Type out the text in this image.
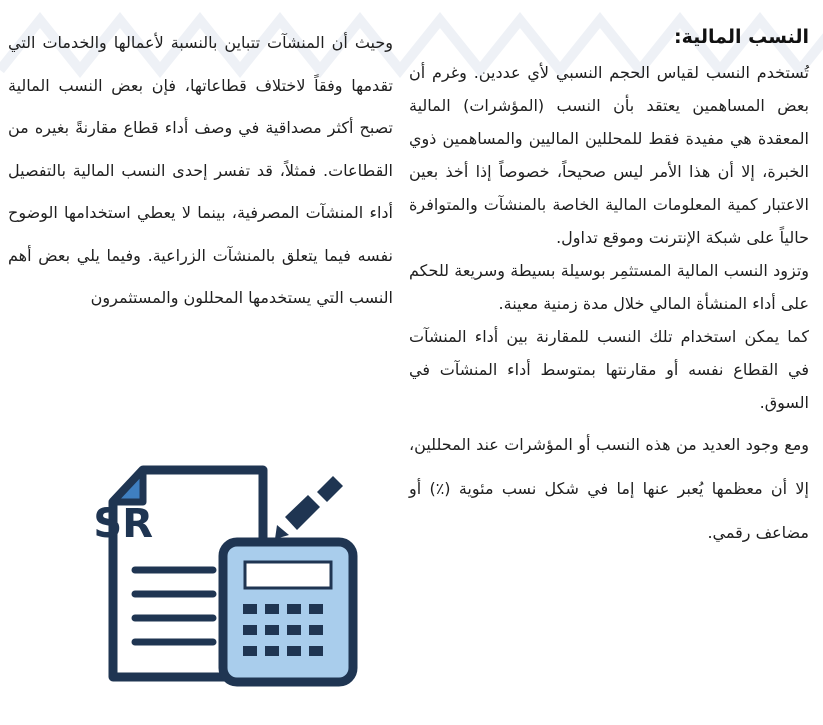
النسب المالية:

تُستخدم النسب لقياس الحجم النسبي لأي عددين. وغرم أن بعض المساهمين يعتقد بأن النسب (المؤشرات) المالية المعقدة هي مفيدة فقط للمحللين الماليين والمساهمين ذوي الخبرة، إلا أن هذا الأمر ليس صحيحاً، خصوصاً إذا أخذ بعين الاعتبار كمية المعلومات المالية الخاصة بالمنشآت والمتوافرة حالياً على شبكة الإنترنت وموقع تداول.

وتزود النسب المالية المستثمِر بوسيلة بسيطة وسريعة للحكم على أداء المنشأة المالي خلال مدة زمنية معينة.

كما يمكن استخدام تلك النسب للمقارنة بين أداء المنشآت في القطاع نفسه أو مقارنتها بمتوسط أداء المنشآت في السوق.

ومع وجود العديد من هذه النسب أو المؤشرات عند المحللين، إلا أن معظمها يُعبر عنها إما في شكل نسب مئوية (٪) أو مضاعف رقمي.

وحيث أن المنشآت تتباين بالنسبة لأعمالها والخدمات التي تقدمها وفقاً لاختلاف قطاعاتها، فإن بعض النسب المالية تصبح أكثر مصداقية في وصف أداء قطاع مقارنةً بغيره من القطاعات. فمثلاً، قد تفسر إحدى النسب المالية بالتفصيل أداء المنشآت المصرفية، بينما لا يعطي استخدامها الوضوح نفسه فيما يتعلق بالمنشآت الزراعية. وفيما يلي بعض أهم النسب التي يستخدمها المحللون والمستثمرون

SR
